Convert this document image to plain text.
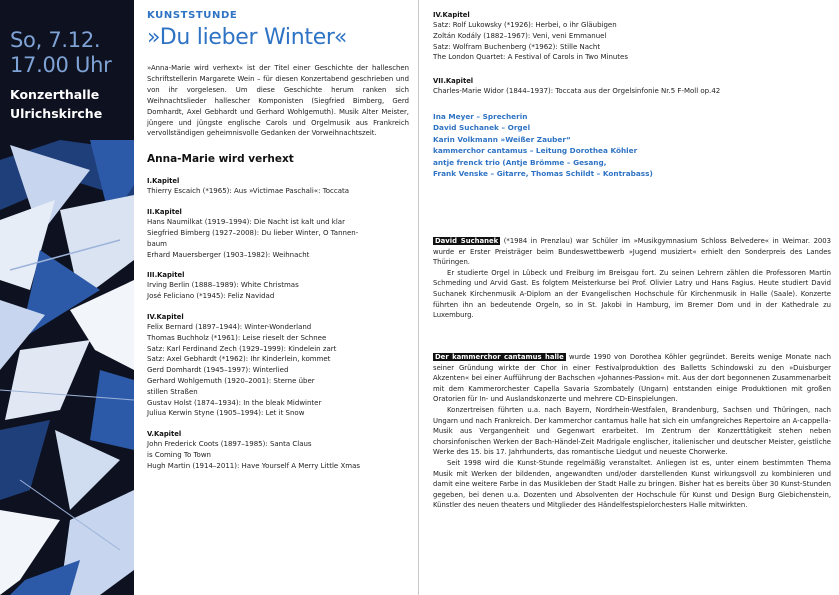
So, 7.12.
17.00 Uhr
Konzerthalle
Ulrichskirche
KUNSTSTUNDE
»Du lieber Winter«
»Anna-Marie wird verhext« ist der Titel einer Geschichte der halleschen Schriftstellerin Margarete Wein – für diesen Konzertabend geschrieben und von ihr vorgelesen. Um diese Geschichte herum ranken sich Weihnachtslieder hallescher Komponisten (Siegfried Bimberg, Gerd Domhardt, Axel Gebhardt und Gerhard Wohlgemuth). Musik Alter Meister, jüngere und jüngste englische Carols und Orgelmusik aus Frankreich vervollständigen geheimnisvolle Gedanken der Vorweihnachtszeit.
Anna-Marie wird verhext
I.Kapitel
Thierry Escaich (*1965): Aus »Victimae Paschali«: Toccata
II.Kapitel
Hans Naumilkat (1919–1994): Die Nacht ist kalt und klar
Siegfried Bimberg (1927–2008): Du lieber Winter, O Tannen-
baum
Erhard Mauersberger (1903–1982): Weihnacht
III.Kapitel
Irving Berlin (1888–1989): White Christmas
José Feliciano (*1945): Feliz Navidad
IV.Kapitel
Felix Bernard (1897–1944): Winter-Wonderland
Thomas Buchholz (*1961): Leise rieselt der Schnee
Satz: Karl Ferdinand Zech (1929–1999): Kindelein zart
Satz: Axel Gebhardt (*1962): Ihr Kinderlein, kommet
Gerd Domhardt (1945–1997): Winterlied
Gerhard Wohlgemuth (1920–2001): Sterne über
stillen Straßen
Gustav Holst (1874–1934): In the bleak Midwinter
Juliua Kerwin Styne (1905–1994): Let it Snow
V.Kapitel
John Frederick Coots (1897–1985): Santa Claus
is Coming To Town
Hugh Martin (1914–2011): Have Yourself A Merry Little Xmas
IV.Kapitel
Satz: Rolf Lukowsky (*1926): Herbei, o ihr Gläubigen
Zoltán Kodály (1882–1967): Veni, veni Emmanuel
Satz: Wolfram Buchenberg (*1962): Stille Nacht
The London Quartet: A Festival of Carols in Two Minutes
VII.Kapitel
Charles-Marie Widor (1844–1937): Toccata aus der Orgelsinfonie Nr.5 F-Moll op.42
Ina Meyer – Sprecherin
David Suchanek – Orgel
Karin Volkmann »Weißer Zauber“
kammerchor cantamus – Leitung Dorothea Köhler
antje frenck trio (Antje Brömme – Gesang,
Frank Venske – Gitarre, Thomas Schildt – Kontrabass)

David Suchanek (*1984 in Prenzlau) war Schüler im »Musikgymnasium Schloss Belvedere« in Weimar. 2003 wurde er Erster Preisträger beim Bundeswettbewerb »Jugend musiziert« erhielt den Sonderpreis des Landes Thüringen.

Er studierte Orgel in Lübeck und Freiburg im Breisgau fort. Zu seinen Lehrern zählen die Professoren Martin Schmeding und Arvid Gast. Es folgtem Meisterkurse bei Prof. Olivier Latry und Hans Fagius. Heute studiert David Suchanek Kirchenmusik A-Diplom an der Evangelischen Hochschule für Kirchenmusik in Halle (Saale). Konzerte führten ihn an bedeutende Orgeln, so in St. Jakobi in Hamburg, im Bremer Dom und in der Kathedrale zu Luxemburg.

Der kammerchor cantamus halle wurde 1990 von Dorothea Köhler gegründet. Bereits wenige Monate nach seiner Gründung wirkte der Chor in einer Festivalproduktion des Balletts Schindowski zu den »Duisburger Akzenten« bei einer Aufführung der Bachschen »Johannes-Passion« mit. Aus der dort begonnenen Zusammenarbeit mit dem Kammerorchester Capella Savaria Szombately (Ungarn) entstanden einige Produktionen mit großen Oratorien für In- und Auslandskonzerte und mehrere CD-Einspielungen.

Konzertreisen führten u.a. nach Bayern, Nordrhein-Westfalen, Brandenburg, Sachsen und Thüringen, nach Ungarn und nach Frankreich. Der kammerchor cantamus halle hat sich ein umfangreiches Repertoire an A-cappella-Musik aus Vergangenheit und Gegenwart erarbeitet. Im Zentrum der Konzerttätigkeit stehen neben chorsinfonischen Werken der Bach-Händel-Zeit Madrigale englischer, italienischer und deutscher Meister, geistliche Werke des 15. bis 17. Jahrhunderts, das romantische Liedgut und neueste Chorwerke.

Seit 1998 wird die Kunst-Stunde regelmäßig veranstaltet. Anliegen ist es, unter einem bestimmten Thema Musik mit Werken der bildenden, angewandten und/oder darstellenden Kunst wirkungsvoll zu kombinieren und damit eine weitere Farbe in das Musikleben der Stadt Halle zu bringen. Bisher hat es bereits über 30 Kunst-Stunden gegeben, bei denen u.a. Dozenten und Absolventen der Hochschule für Kunst und Design Burg Giebichenstein, Künstler des neuen theaters und Mitglieder des Händelfestspielorchesters Halle mitwirkten.
